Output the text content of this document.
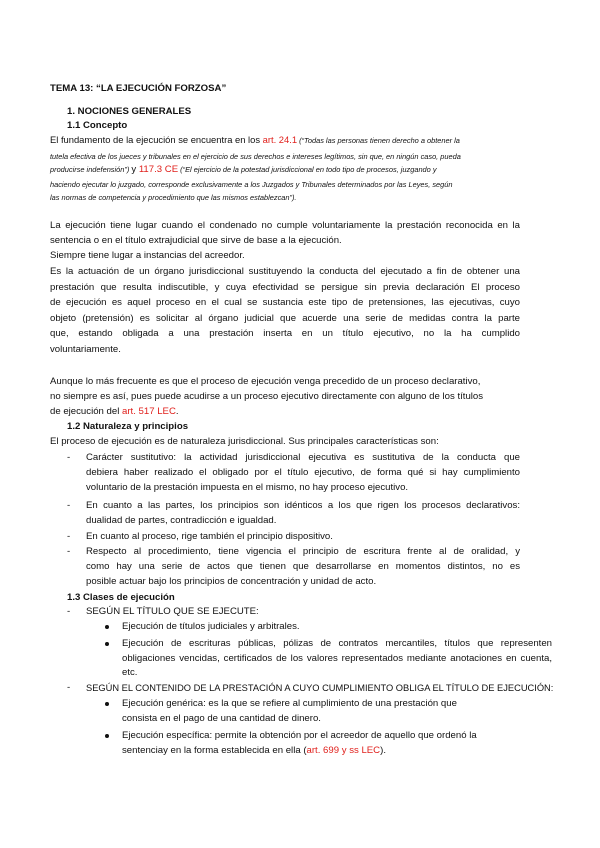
TEMA 13: “LA EJECUCIÓN FORZOSA”
1. NOCIONES GENERALES
1.1 Concepto
El fundamento de la ejecución se encuentra en los art. 24.1 (“Todas las personas tienen derecho a obtener la
tutela efectiva de los jueces y tribunales en el ejercicio de sus derechos e intereses legítimos, sin que, en ningún caso, pueda
producirse indefensión”) y 117.3 CE (“El ejercicio de la potestad jurisdiccional en todo tipo de procesos, juzgando y
haciendo ejecutar lo juzgado, corresponde exclusivamente a los Juzgados y Tribunales determinados por las Leyes, según
las normas de competencia y procedimiento que las mismos establezcan”).
La ejecución tiene lugar cuando el condenado no cumple voluntariamente la prestación reconocida en la
sentencia o en el título extrajudicial que sirve de base a la ejecución.
Siempre tiene lugar a instancias del acreedor.
Es la actuación de un órgano jurisdiccional sustituyendo la conducta del ejecutado a fin de obtener una
prestación que resulta indiscutible, y cuya efectividad se persigue sin previa declaración El proceso
de ejecución es aquel proceso en el cual se sustancia este tipo de pretensiones, las ejecutivas, cuyo
objeto (pretensión) es solicitar al órgano judicial que acuerde una serie de medidas contra la parte
que, estando obligada a una prestación inserta en un título ejecutivo, no la ha cumplido
voluntariamente.
Aunque lo más frecuente es que el proceso de ejecución venga precedido de un proceso declarativo,
no siempre es así, pues puede acudirse a un proceso ejecutivo directamente con alguno de los títulos
de ejecución del art. 517 LEC.
1.2 Naturaleza y principios
El proceso de ejecución es de naturaleza jurisdiccional. Sus principales características son:
- Carácter sustitutivo: la actividad jurisdiccional ejecutiva es sustitutiva de la conducta que
debiera haber realizado el obligado por el título ejecutivo, de forma qué si hay cumplimiento
voluntario de la prestación impuesta en el mismo, no hay proceso ejecutivo.
- En cuanto a las partes, los principios son idénticos a los que rigen los procesos declarativos:
dualidad de partes, contradicción e igualdad.
- En cuanto al proceso, rige también el principio dispositivo.
- Respecto al procedimiento, tiene vigencia el principio de escritura frente al de oralidad, y
como hay una serie de actos que tienen que desarrollarse en momentos distintos, no es
posible actuar bajo los principios de concentración y unidad de acto.
1.3 Clases de ejecución
- SEGÚN EL TÍTULO QUE SE EJECUTE:
Ejecución de títulos judiciales y arbitrales.
Ejecución de escrituras públicas, pólizas de contratos mercantiles, títulos que representen
obligaciones vencidas, certificados de los valores representados mediante anotaciones en cuenta,
etc.
- SEGÚN EL CONTENIDO DE LA PRESTACIÓN A CUYO CUMPLIMIENTO OBLIGA EL TÍTULO DE EJECUCIÓN:
Ejecución genérica: es la que se refiere al cumplimiento de una prestación que
consista en el pago de una cantidad de dinero.
Ejecución específica: permite la obtención por el acreedor de aquello que ordenó la
sentenciay en la forma establecida en ella (art. 699 y ss LEC).
